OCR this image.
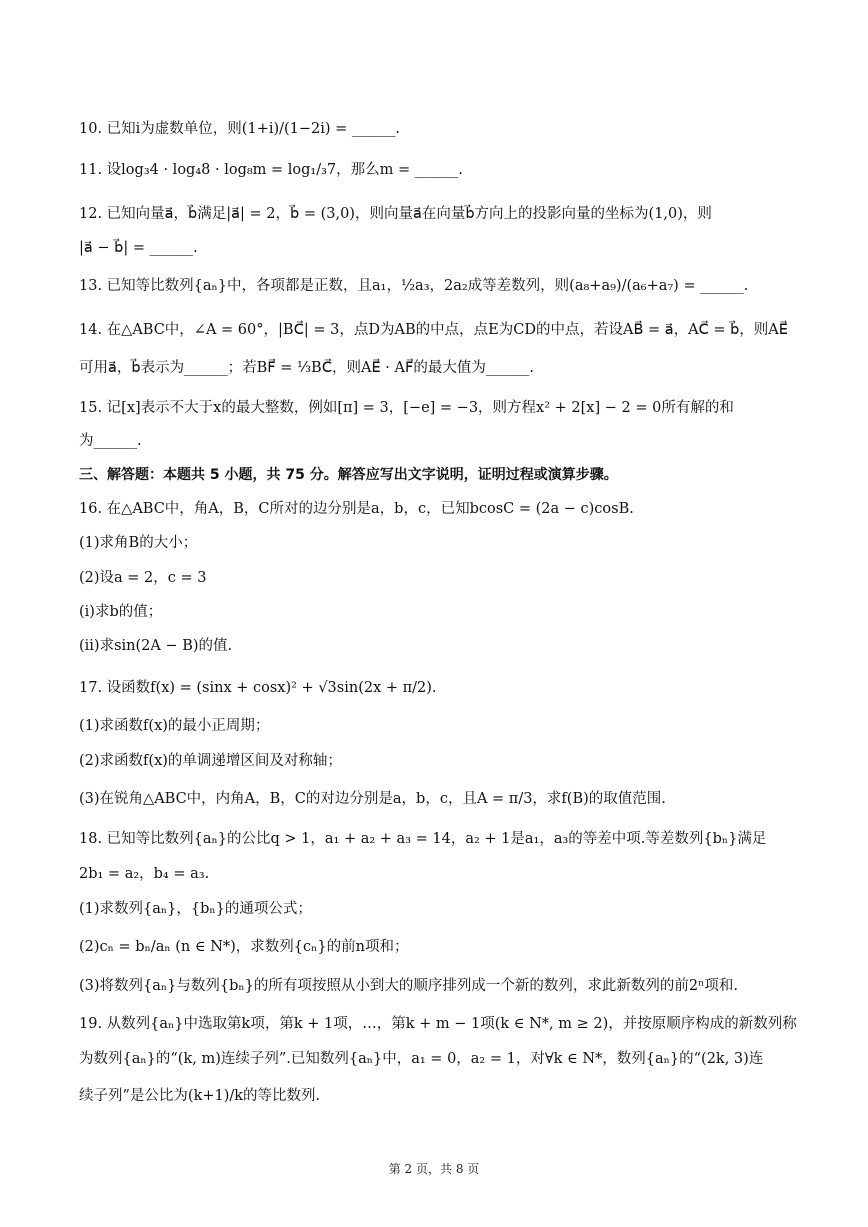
10. 已知i为虚数单位，则(1+i)/(1−2i) = ______.
11. 设log₃4 · log₄8 · log₈m = log₁/₃7，那么m = ______.
12. 已知向量a⃗，b⃗满足|a⃗| = 2，b⃗ = (3,0)，则向量a⃗在向量b⃗方向上的投影向量的坐标为(1,0)，则
|a⃗ − b⃗| = ______.
13. 已知等比数列{aₙ}中，各项都是正数，且a₁，½a₃，2a₂成等差数列，则(a₈+a₉)/(a₆+a₇) = ______.
14. 在△ABC中，∠A = 60°，|BC⃗| = 3，点D为AB的中点，点E为CD的中点，若设AB⃗ = a⃗，AC⃗ = b⃗，则AE⃗
可用a⃗，b⃗表示为______；若BF⃗ = ⅓BC⃗，则AE⃗ · AF⃗的最大值为______.
15. 记[x]表示不大于x的最大整数，例如[π] = 3，[−e] = −3，则方程x² + 2[x] − 2 = 0所有解的和
为______.
三、解答题：本题共 5 小题，共 75 分。解答应写出文字说明，证明过程或演算步骤。
16. 在△ABC中，角A，B，C所对的边分别是a，b，c，已知bcosC = (2a − c)cosB.
(1)求角B的大小；
(2)设a = 2，c = 3
(i)求b的值；
(ii)求sin(2A − B)的值.
17. 设函数f(x) = (sinx + cosx)² + √3sin(2x + π/2).
(1)求函数f(x)的最小正周期；
(2)求函数f(x)的单调递增区间及对称轴；
(3)在锐角△ABC中，内角A，B，C的对边分别是a，b，c，且A = π/3，求f(B)的取值范围.
18. 已知等比数列{aₙ}的公比q > 1，a₁ + a₂ + a₃ = 14，a₂ + 1是a₁，a₃的等差中项.等差数列{bₙ}满足
2b₁ = a₂，b₄ = a₃.
(1)求数列{aₙ}，{bₙ}的通项公式；
(2)cₙ = bₙ/aₙ (n ∈ N*)，求数列{cₙ}的前n项和；
(3)将数列{aₙ}与数列{bₙ}的所有项按照从小到大的顺序排列成一个新的数列，求此新数列的前2ⁿ项和.
19. 从数列{aₙ}中选取第k项，第k + 1项，…，第k + m − 1项(k ∈ N*, m ≥ 2)，并按原顺序构成的新数列称
为数列{aₙ}的“(k, m)连续子列”.已知数列{aₙ}中，a₁ = 0，a₂ = 1，对∀k ∈ N*，数列{aₙ}的“(2k, 3)连
续子列”是公比为(k+1)/k的等比数列.
第 2 页，共 8 页
